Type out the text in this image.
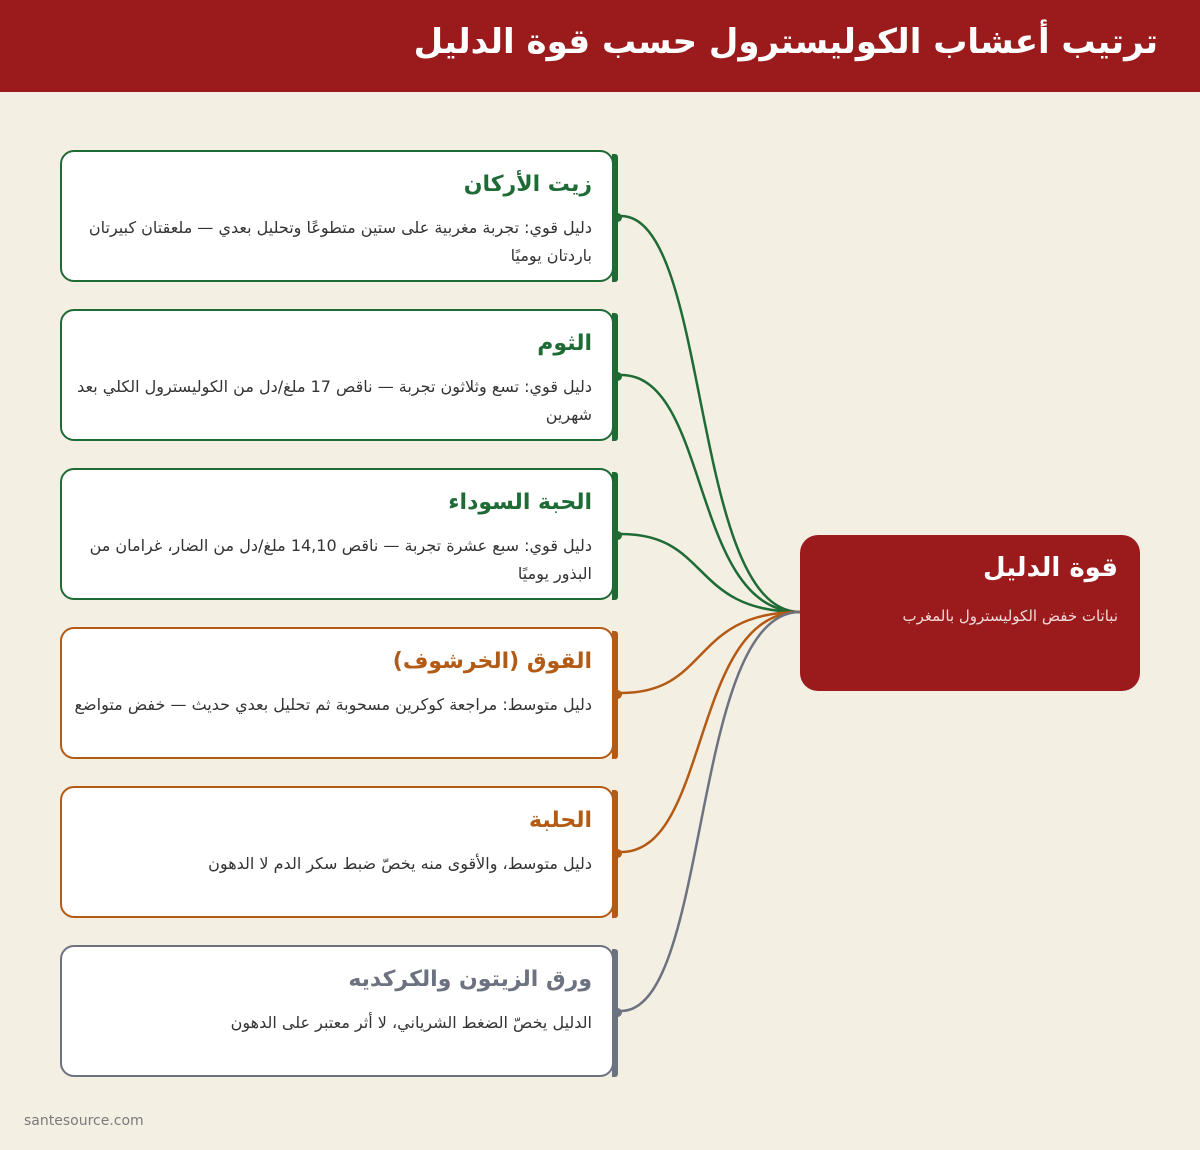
ترتيب أعشاب الكوليسترول حسب قوة الدليل
زيت الأركان
دليل قوي: تجربة مغربية على ستين متطوعًا وتحليل بعدي — ملعقتان كبيرتان باردتان يوميًا
الثوم
دليل قوي: تسع وثلاثون تجربة — ناقص 17 ملغ/دل من الكوليسترول الكلي بعد شهرين
الحبة السوداء
دليل قوي: سبع عشرة تجربة — ناقص 14,10 ملغ/دل من الضار، غرامان من البذور يوميًا
القوق (الخرشوف)
دليل متوسط: مراجعة كوكرين مسحوبة ثم تحليل بعدي حديث — خفض متواضع
الحلبة
دليل متوسط، والأقوى منه يخصّ ضبط سكر الدم لا الدهون
ورق الزيتون والكركديه
الدليل يخصّ الضغط الشرياني، لا أثر معتبر على الدهون
قوة الدليل
نباتات خفض الكوليسترول بالمغرب
santesource.com
